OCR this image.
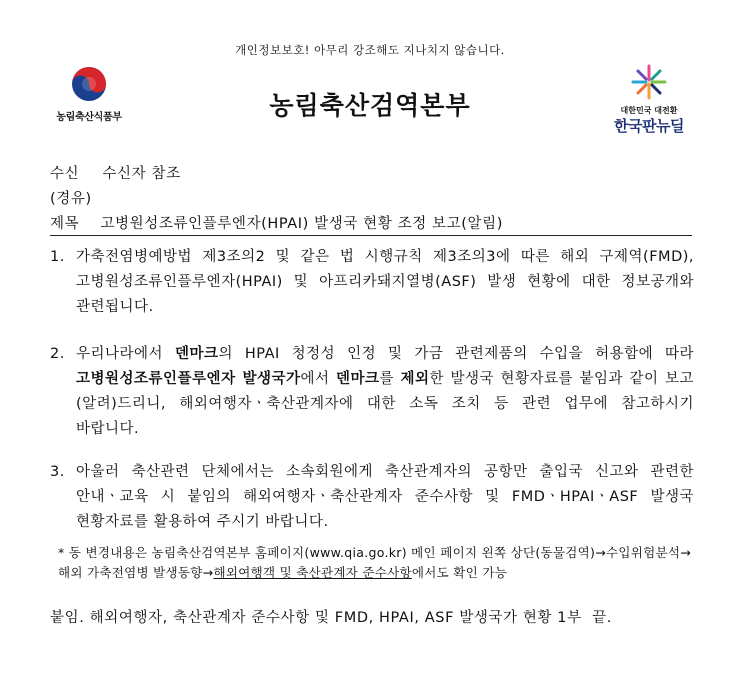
개인정보보호! 아무리 강조해도 지나치지 않습니다.
농림축산식품부	농림축산검역본부	대한민국 대전환
한국판뉴딜
수신 수신자 참조
(경유)
제목 고병원성조류인플루엔자(HPAI) 발생국 현황 조정 보고(알림)
1. 가축전염병예방법 제3조의2 및 같은 법 시행규칙 제3조의3에 따른 해외 구제역(FMD), 고병원성조류인플루엔자(HPAI) 및 아프리카돼지열병(ASF) 발생 현황에 대한 정보공개와 관련됩니다.
2. 우리나라에서 덴마크의 HPAI 청정성 인정 및 가금 관련제품의 수입을 허용함에 따라 고병원성조류인플루엔자 발생국가에서 덴마크를 제외한 발생국 현황자료를 붙임과 같이 보고(알려)드리니, 해외여행자ㆍ축산관계자에 대한 소독 조치 등 관련 업무에 참고하시기 바랍니다.
3. 아울러 축산관련 단체에서는 소속회원에게 축산관계자의 공항만 출입국 신고와 관련한 안내ㆍ교육 시 붙임의 해외여행자ㆍ축산관계자 준수사항 및 FMDㆍHPAIㆍASF 발생국 현황자료를 활용하여 주시기 바랍니다.
* 동 변경내용은 농림축산검역본부 홈페이지(www.qia.go.kr) 메인 페이지 왼쪽 상단(동물검역)→수입위험분석→해외 가축전염병 발생동향→해외여행객 및 축산관계자 준수사항에서도 확인 가능
붙임. 해외여행자, 축산관계자 준수사항 및 FMD, HPAI, ASF 발생국가 현황 1부  끝.
